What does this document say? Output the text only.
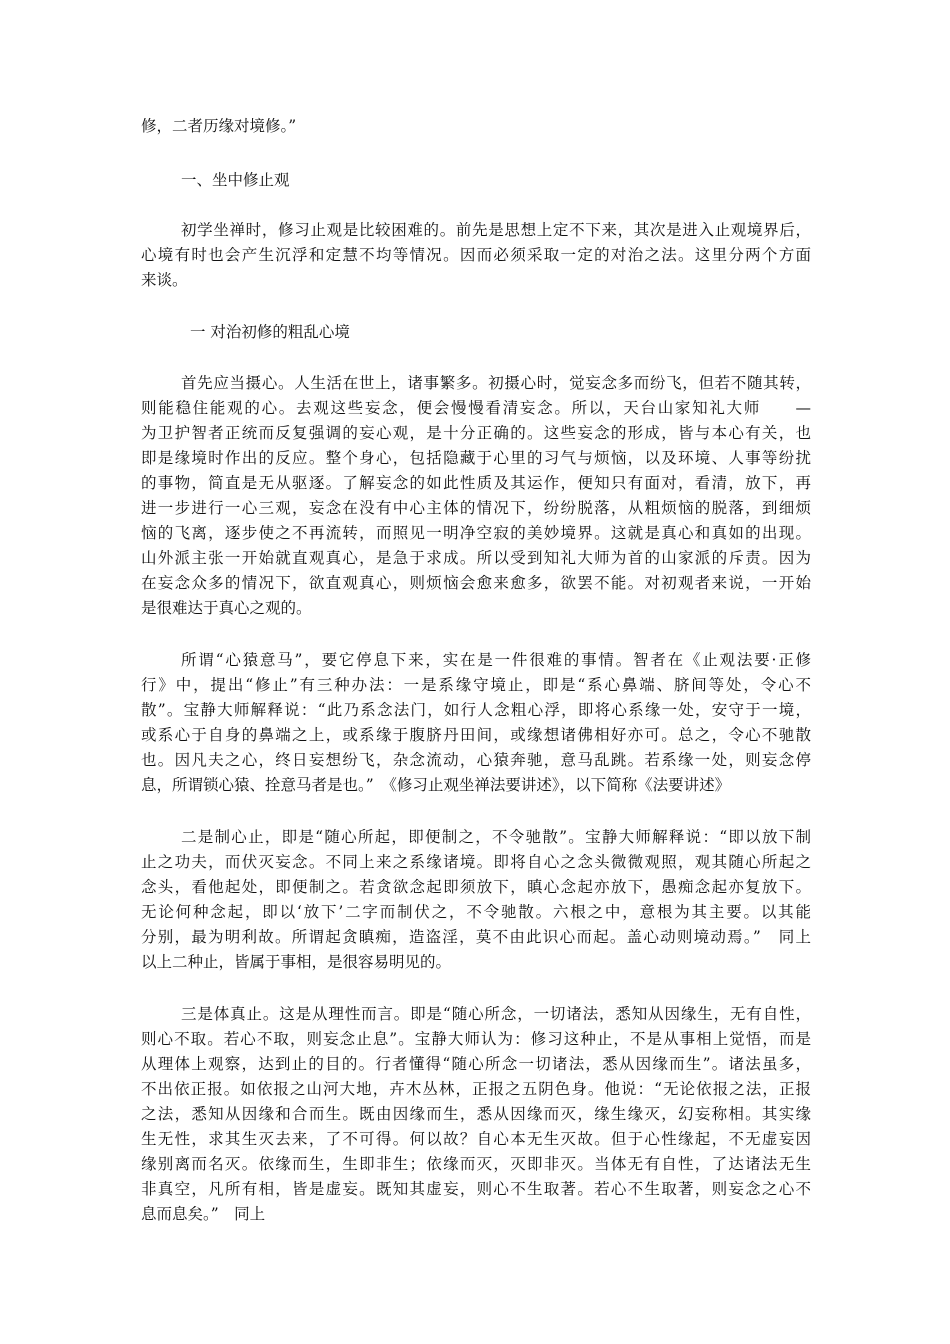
修，二者历缘对境修。”
一、坐中修止观
初学坐禅时，修习止观是比较困难的。前先是思想上定不下来，其次是进入止观境界后，
心境有时也会产生沉浮和定慧不均等情况。因而必须采取一定的对治之法。这里分两个方面
来谈。
一 对治初修的粗乱心境
首先应当摄心。人生活在世上，诸事繁多。初摄心时，觉妄念多而纷飞，但若不随其转，
则能稳住能观的心。去观这些妄念，便会慢慢看清妄念。所以，天台山家知礼大师　　—
为卫护智者正统而反复强调的妄心观，是十分正确的。这些妄念的形成，皆与本心有关，也
即是缘境时作出的反应。整个身心，包括隐藏于心里的习气与烦恼，以及环境、人事等纷扰
的事物，简直是无从驱逐。了解妄念的如此性质及其运作，便知只有面对，看清，放下，再
进一步进行一心三观，妄念在没有中心主体的情况下，纷纷脱落，从粗烦恼的脱落，到细烦
恼的飞离，逐步使之不再流转，而照见一明净空寂的美妙境界。这就是真心和真如的出现。
山外派主张一开始就直观真心，是急于求成。所以受到知礼大师为首的山家派的斥责。因为
在妄念众多的情况下，欲直观真心，则烦恼会愈来愈多，欲罢不能。对初观者来说，一开始
是很难达于真心之观的。
所谓“心猿意马”，要它停息下来，实在是一件很难的事情。智者在《止观法要·正修
行》中，提出“修止”有三种办法：一是系缘守境止，即是“系心鼻端、脐间等处，令心不
散”。宝静大师解释说：“此乃系念法门，如行人念粗心浮，即将心系缘一处，安守于一境，
或系心于自身的鼻端之上，或系缘于腹脐丹田间，或缘想诸佛相好亦可。总之，令心不驰散
也。因凡夫之心，终日妄想纷飞，杂念流动，心猿奔驰，意马乱跳。若系缘一处，则妄念停
息，所谓锁心猿、拴意马者是也。”　《修习止观坐禅法要讲述》，以下简称《法要讲述》
二是制心止，即是“随心所起，即便制之，不令驰散”。宝静大师解释说：“即以放下制
止之功夫，而伏灭妄念。不同上来之系缘诸境。即将自心之念头微微观照，观其随心所起之
念头，看他起处，即便制之。若贪欲念起即须放下，瞋心念起亦放下，愚痴念起亦复放下。
无论何种念起，即以‘放下’二字而制伏之，不令驰散。六根之中，意根为其主要。以其能
分别，最为明利故。所谓起贪瞋痴，造盗淫，莫不由此识心而起。盖心动则境动焉。”　同上
以上二种止，皆属于事相，是很容易明见的。
三是体真止。这是从理性而言。即是“随心所念，一切诸法，悉知从因缘生，无有自性，
则心不取。若心不取，则妄念止息”。宝静大师认为：修习这种止，不是从事相上觉悟，而是
从理体上观察，达到止的目的。行者懂得“随心所念一切诸法，悉从因缘而生”。诸法虽多，
不出依正报。如依报之山河大地，卉木丛林，正报之五阴色身。他说：“无论依报之法，正报
之法，悉知从因缘和合而生。既由因缘而生，悉从因缘而灭，缘生缘灭，幻妄称相。其实缘
生无性，求其生灭去来，了不可得。何以故？自心本无生灭故。但于心性缘起，不无虚妄因
缘别离而名灭。依缘而生，生即非生；依缘而灭，灭即非灭。当体无有自性，了达诸法无生
非真空，凡所有相，皆是虚妄。既知其虚妄，则心不生取著。若心不生取著，则妄念之心不
息而息矣。”　同上
